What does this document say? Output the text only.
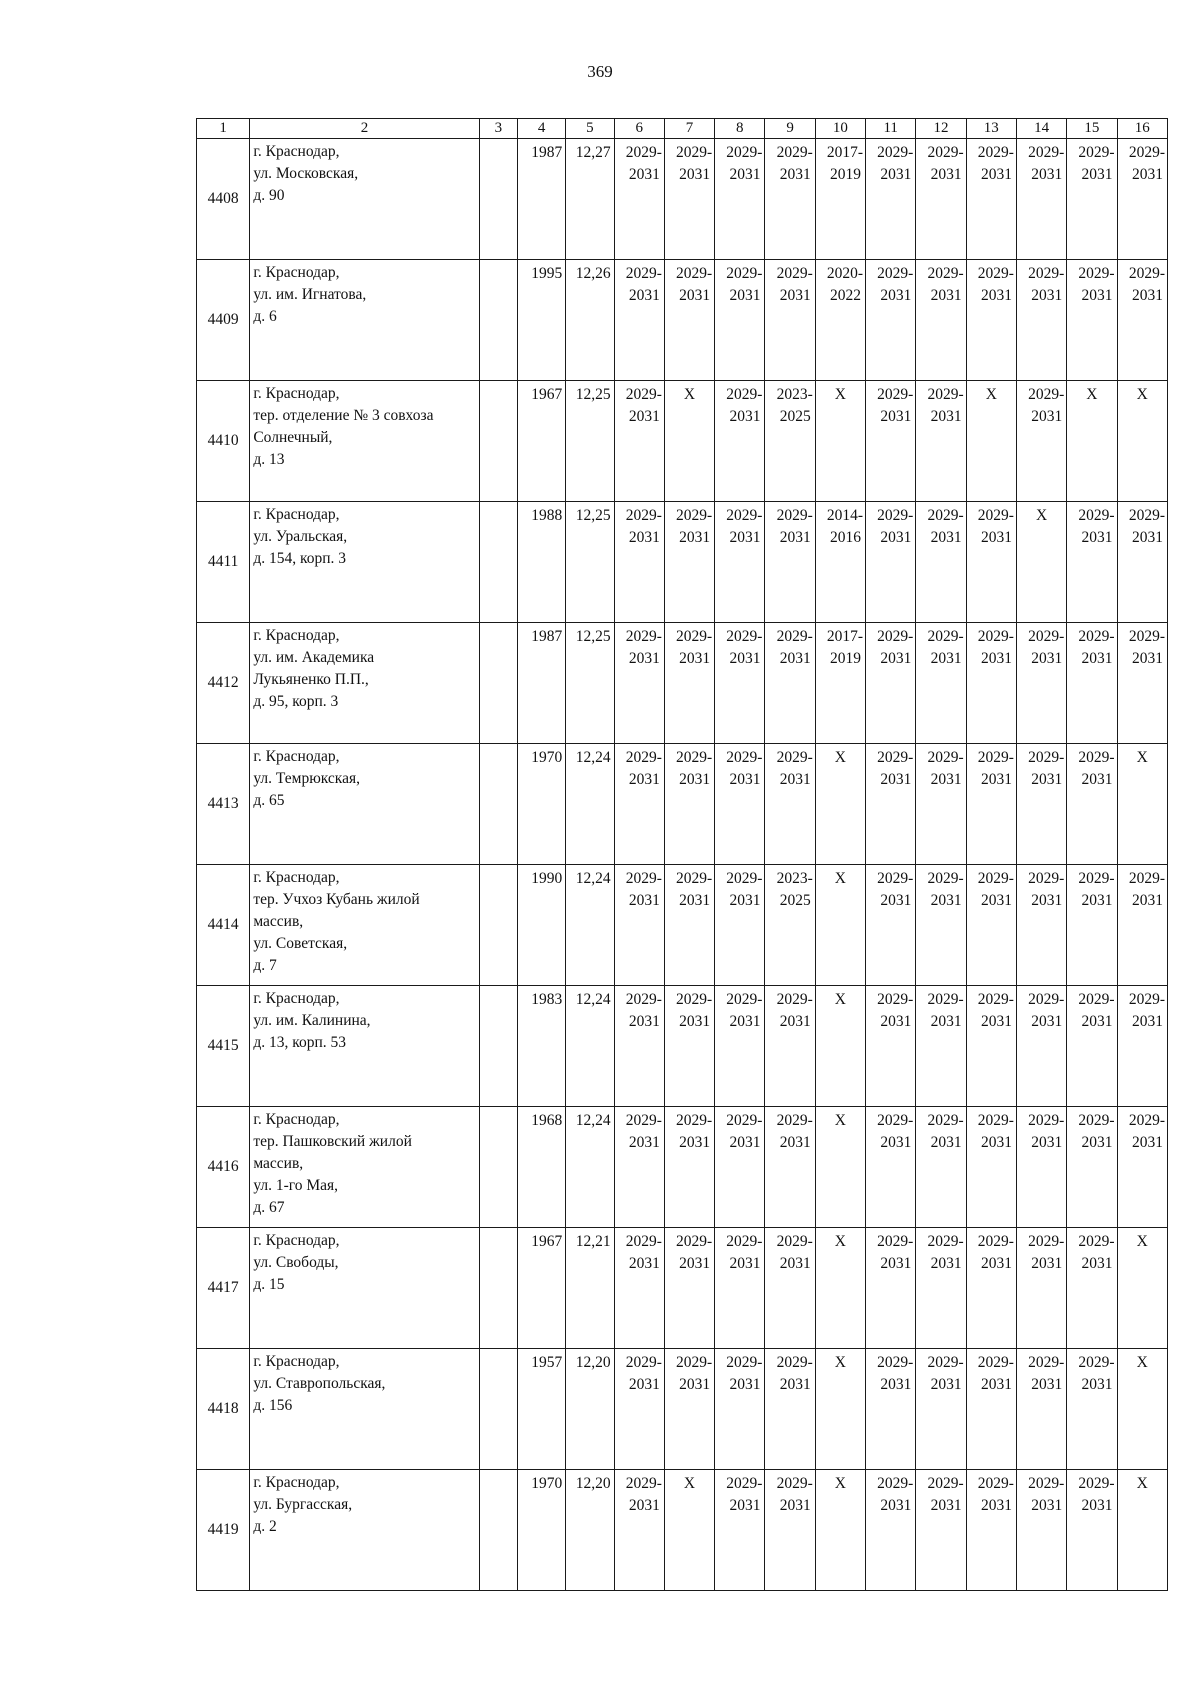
369
1	2	3	4	5	6	7	8	9	10	11	12	13	14	15	16
4408	г. Краснодар,
ул. Московская,
д. 90		1987	12,27	2029-
2031	2029-
2031	2029-
2031	2029-
2031	2017-
2019	2029-
2031	2029-
2031	2029-
2031	2029-
2031	2029-
2031	2029-
2031

4409	г. Краснодар,
ул. им. Игнатова,
д. 6		1995	12,26	2029-
2031	2029-
2031	2029-
2031	2029-
2031	2020-
2022	2029-
2031	2029-
2031	2029-
2031	2029-
2031	2029-
2031	2029-
2031

4410	г. Краснодар,
тер. отделение № 3 совхоза
Солнечный,
д. 13		1967	12,25	2029-
2031	X	2029-
2031	2023-
2025	X	2029-
2031	2029-
2031	X	2029-
2031	X	X

4411	г. Краснодар,
ул. Уральская,
д. 154, корп. 3		1988	12,25	2029-
2031	2029-
2031	2029-
2031	2029-
2031	2014-
2016	2029-
2031	2029-
2031	2029-
2031	X	2029-
2031	2029-
2031

4412	г. Краснодар,
ул. им. Академика
Лукьяненко П.П.,
д. 95, корп. 3		1987	12,25	2029-
2031	2029-
2031	2029-
2031	2029-
2031	2017-
2019	2029-
2031	2029-
2031	2029-
2031	2029-
2031	2029-
2031	2029-
2031

4413	г. Краснодар,
ул. Темрюкская,
д. 65		1970	12,24	2029-
2031	2029-
2031	2029-
2031	2029-
2031	X	2029-
2031	2029-
2031	2029-
2031	2029-
2031	2029-
2031	X

4414	г. Краснодар,
тер. Учхоз Кубань жилой
массив,
ул. Советская,
д. 7		1990	12,24	2029-
2031	2029-
2031	2029-
2031	2023-
2025	X	2029-
2031	2029-
2031	2029-
2031	2029-
2031	2029-
2031	2029-
2031

4415	г. Краснодар,
ул. им. Калинина,
д. 13, корп. 53		1983	12,24	2029-
2031	2029-
2031	2029-
2031	2029-
2031	X	2029-
2031	2029-
2031	2029-
2031	2029-
2031	2029-
2031	2029-
2031

4416	г. Краснодар,
тер. Пашковский жилой
массив,
ул. 1-го Мая,
д. 67		1968	12,24	2029-
2031	2029-
2031	2029-
2031	2029-
2031	X	2029-
2031	2029-
2031	2029-
2031	2029-
2031	2029-
2031	2029-
2031

4417	г. Краснодар,
ул. Свободы,
д. 15		1967	12,21	2029-
2031	2029-
2031	2029-
2031	2029-
2031	X	2029-
2031	2029-
2031	2029-
2031	2029-
2031	2029-
2031	X

4418	г. Краснодар,
ул. Ставропольская,
д. 156		1957	12,20	2029-
2031	2029-
2031	2029-
2031	2029-
2031	X	2029-
2031	2029-
2031	2029-
2031	2029-
2031	2029-
2031	X

4419	г. Краснодар,
ул. Бургасская,
д. 2		1970	12,20	2029-
2031	X	2029-
2031	2029-
2031	X	2029-
2031	2029-
2031	2029-
2031	2029-
2031	2029-
2031	X
